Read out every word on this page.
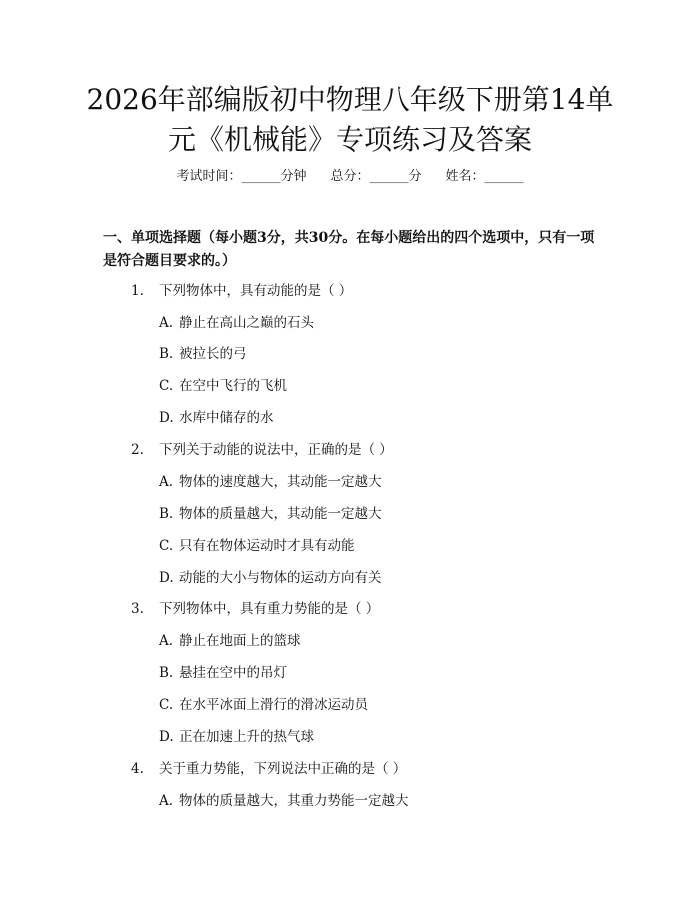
2026年部编版初中物理八年级下册第14单
元《机械能》专项练习及答案
考试时间：______分钟 总分：______分 姓名：______

一、单项选择题（每小题3分，共30分。在每小题给出的四个选项中，只有一项是符合题目要求的。）

1. 下列物体中，具有动能的是（ ）
A. 静止在高山之巅的石头
B. 被拉长的弓
C. 在空中飞行的飞机
D. 水库中储存的水
2. 下列关于动能的说法中，正确的是（ ）
A. 物体的速度越大，其动能一定越大
B. 物体的质量越大，其动能一定越大
C. 只有在物体运动时才具有动能
D. 动能的大小与物体的运动方向有关
3. 下列物体中，具有重力势能的是（ ）
A. 静止在地面上的篮球
B. 悬挂在空中的吊灯
C. 在水平冰面上滑行的滑冰运动员
D. 正在加速上升的热气球
4. 关于重力势能，下列说法中正确的是（ ）
A. 物体的质量越大，其重力势能一定越大
